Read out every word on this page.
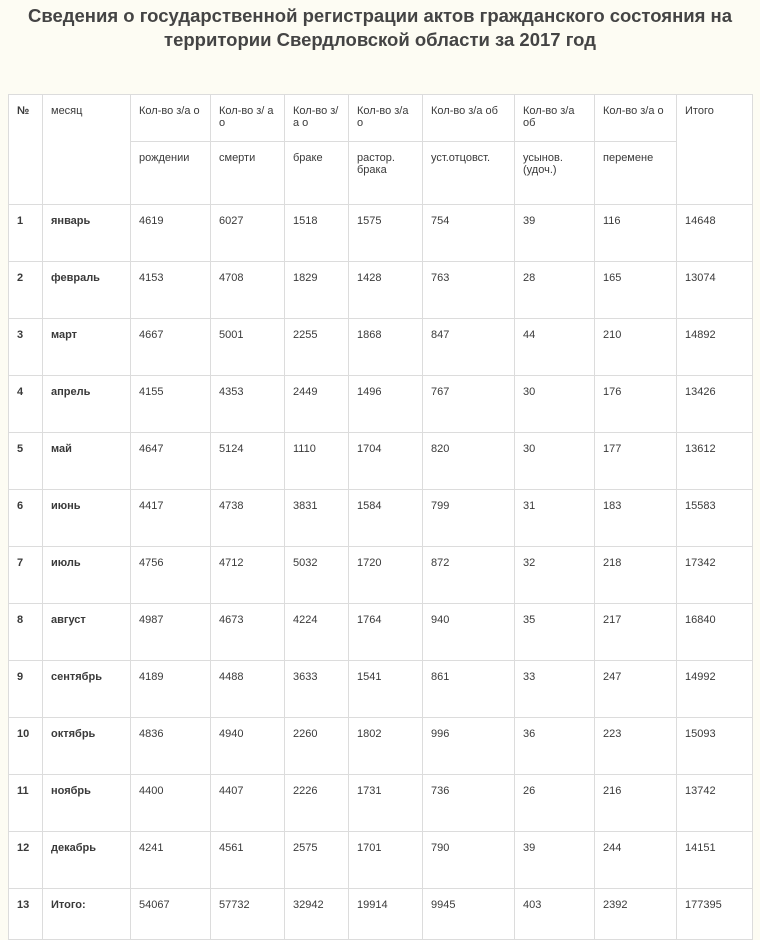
Сведения о государственной регистрации актов гражданского состояния на
территории Свердловской области за 2017 год
№	месяц	Кол-во з/а о	Кол-во з/ а о	Кол-во з/а о	Кол-во з/а о	Кол-во з/а об	Кол-во з/а об	Кол-во з/а о	Итого
		рождении	смерти	браке	растор. брака	уст.отцовст.	усынов. (удоч.)	перемене	
1	январь	4619	6027	1518	1575	754	39	116	14648
2	февраль	4153	4708	1829	1428	763	28	165	13074
3	март	4667	5001	2255	1868	847	44	210	14892
4	апрель	4155	4353	2449	1496	767	30	176	13426
5	май	4647	5124	1110	1704	820	30	177	13612
6	июнь	4417	4738	3831	1584	799	31	183	15583
7	июль	4756	4712	5032	1720	872	32	218	17342
8	август	4987	4673	4224	1764	940	35	217	16840
9	сентябрь	4189	4488	3633	1541	861	33	247	14992
10	октябрь	4836	4940	2260	1802	996	36	223	15093
11	ноябрь	4400	4407	2226	1731	736	26	216	13742
12	декабрь	4241	4561	2575	1701	790	39	244	14151
13	Итого:	54067	57732	32942	19914	9945	403	2392	177395
